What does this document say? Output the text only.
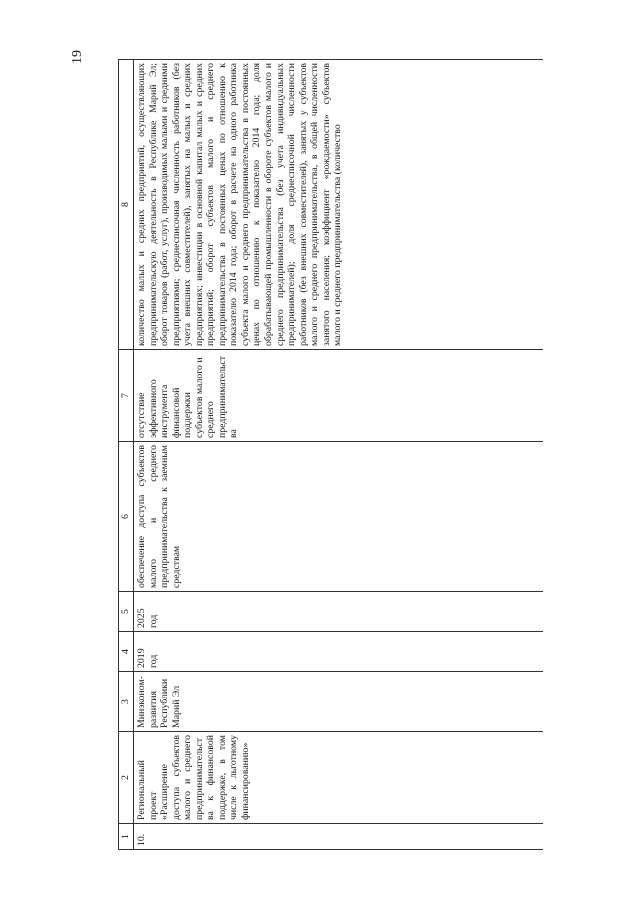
19
1	2	3	4	5	6	7	8
10.	Региональный проект «Расширение доступа субъектов малого и среднего предпринимательства к финансовой поддержке, в том числе к льготному финансированию»	Минэконом-развития Республики Марий Эл	2019 год	2025 год	обеспечение доступа субъектов малого и среднего предпринимательства к заемным средствам	отсутствие эффективного инструмента финансовой поддержки субъектов малого и среднего предпринимательства	количество малых и средних предприятий, осуществляющих предпринимательскую деятельность в Республике Марий Эл; оборот товаров (работ, услуг), производимых малыми и средними предприятиями; среднесписочная численность работников (без учета внешних совместителей), занятых на малых и средних предприятиях; инвестиции в основной капитал малых и средних предприятий; оборот субъектов малого и среднего предпринимательства в постоянных ценах по отношению к показателю 2014 года; оборот в расчете на одного работника субъекта малого и среднего предпринимательства в постоянных ценах по отношению к показателю 2014 года; доля обрабатывающей промышленности в обороте субъектов малого и среднего предпринимательства (без учета индивидуальных предпринимателей); доля среднесписочной численности работников (без внешних совместителей), занятых у субъектов малого и среднего предпринимательства, в общей численности занятого населения; коэффициент «рождаемости» субъектов малого и среднего предпринимательства (количество
